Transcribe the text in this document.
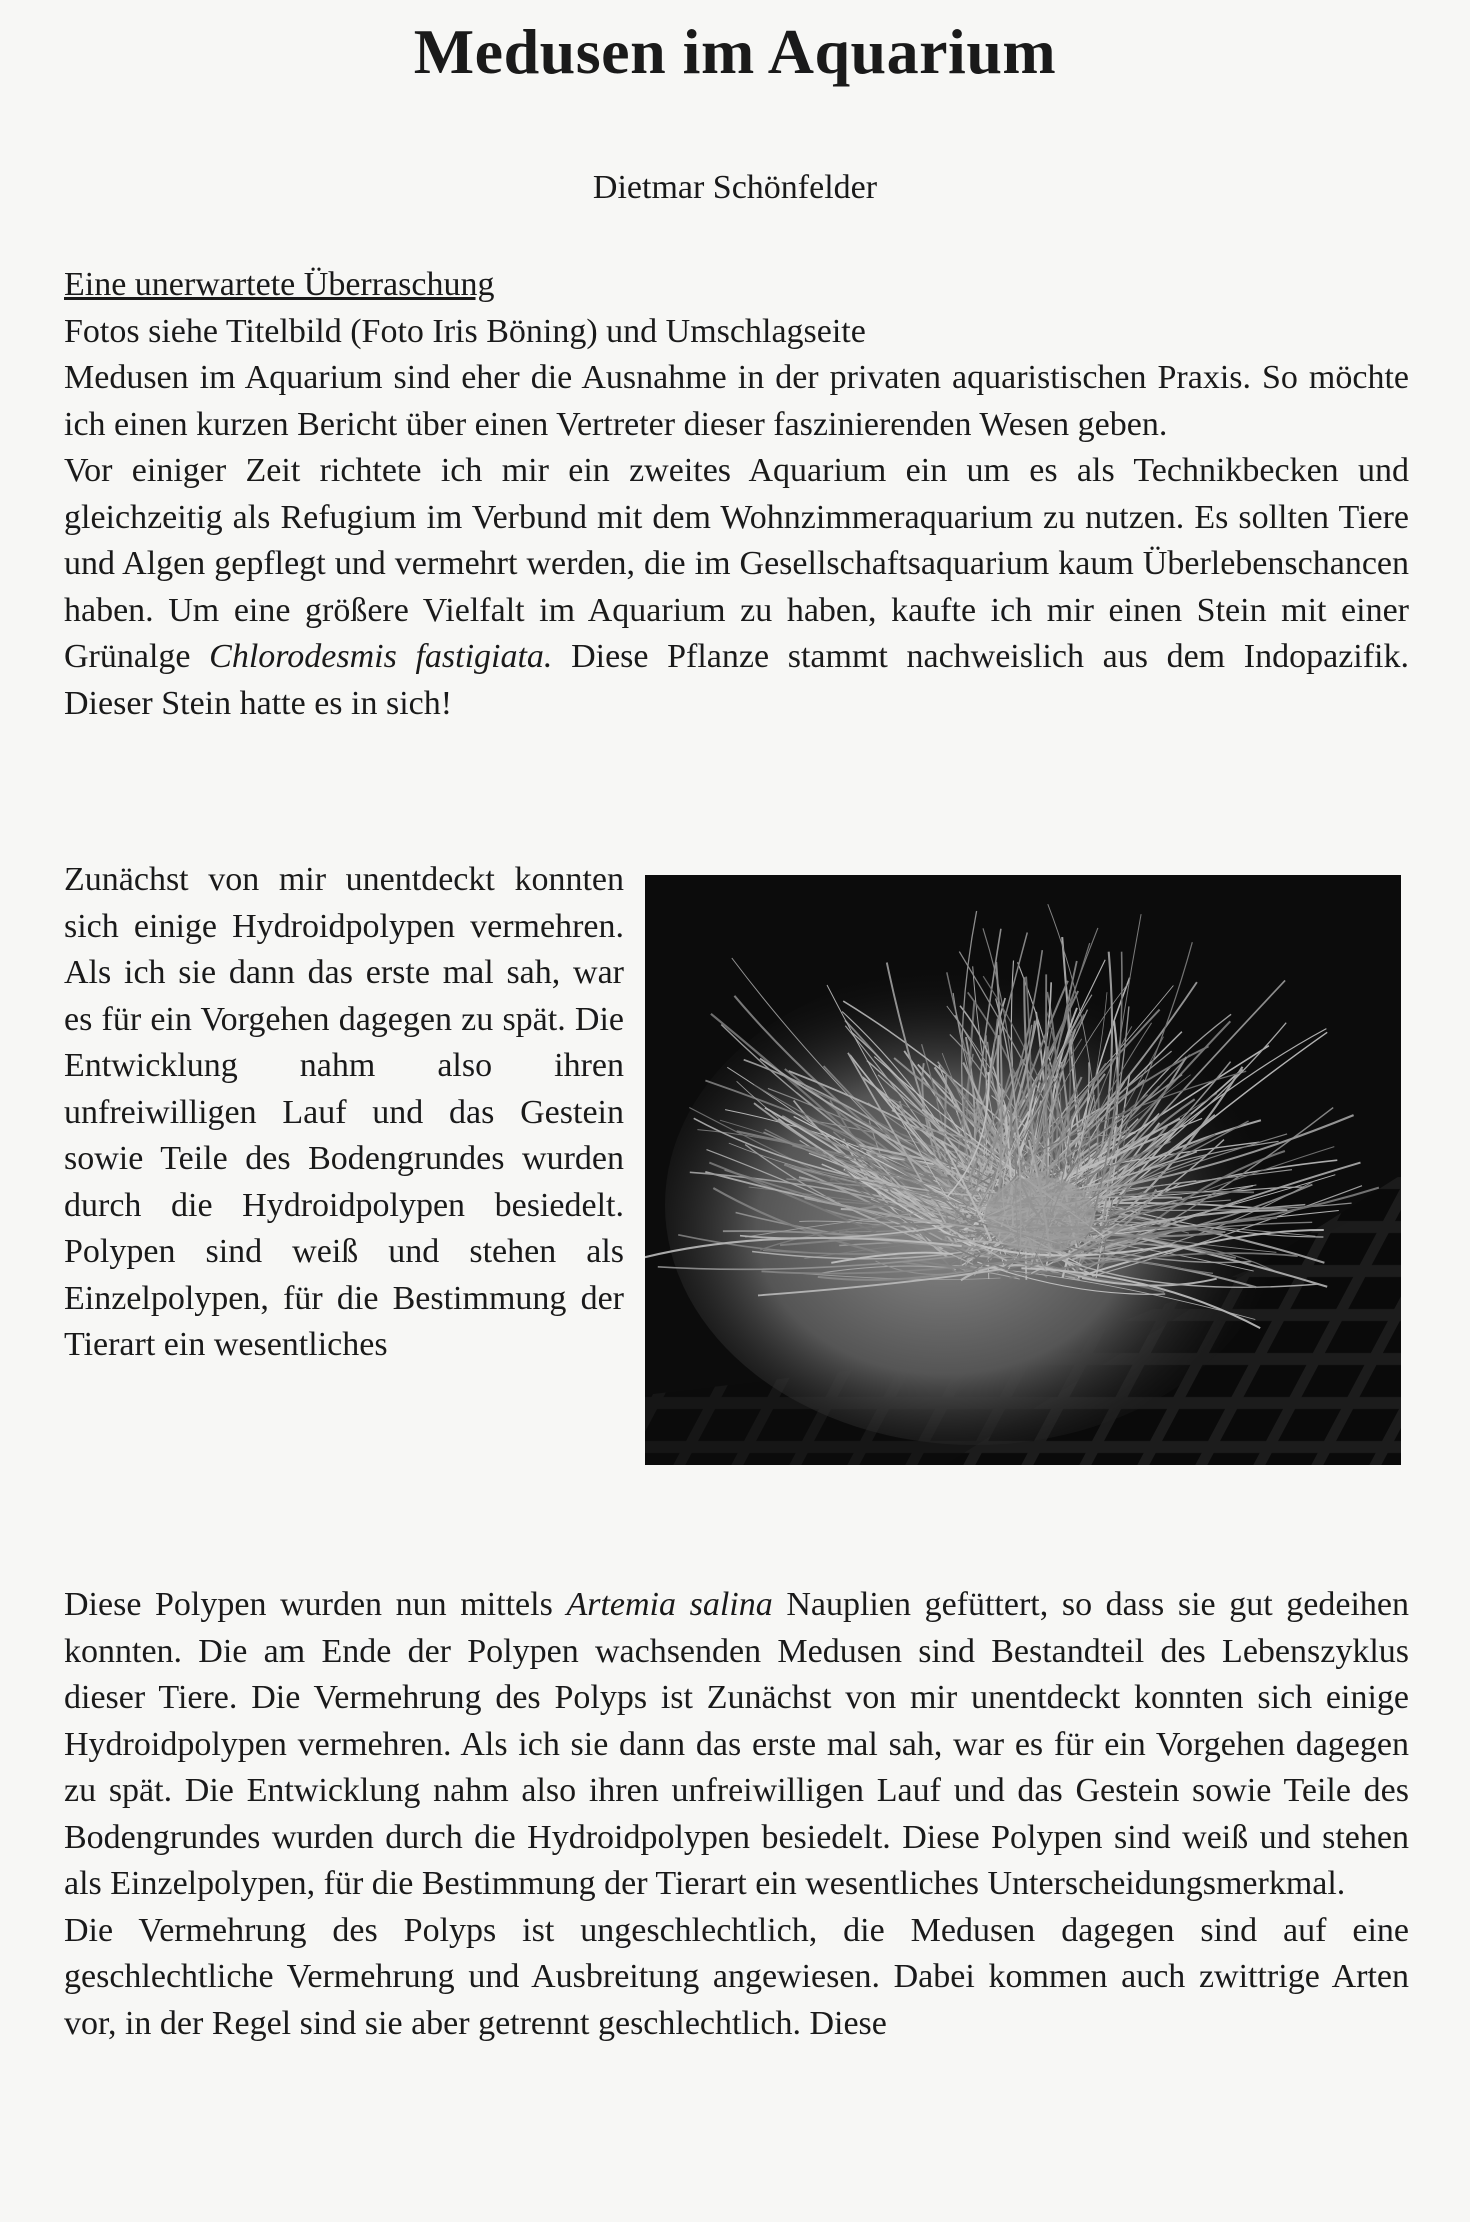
Medusen im Aquarium

Dietmar Schönfelder

Eine unerwartete Überraschung

Fotos siehe Titelbild (Foto Iris Böning) und Umschlagseite

Medusen im Aquarium sind eher die Ausnahme in der privaten aquaristischen Praxis. So möchte ich einen kurzen Bericht über einen Vertreter dieser faszinierenden Wesen geben.

Vor einiger Zeit richtete ich mir ein zweites Aquarium ein um es als Technikbecken und gleichzeitig als Refugium im Verbund mit dem Wohnzimmeraquarium zu nutzen. Es sollten Tiere und Algen gepflegt und vermehrt werden, die im Gesellschaftsaquarium kaum Überlebenschancen haben. Um eine größere Vielfalt im Aquarium zu haben, kaufte ich mir einen Stein mit einer Grünalge Chlorodesmis fastigiata. Diese Pflanze stammt nachweislich aus dem Indopazifik. Dieser Stein hatte es in sich!

Zunächst von mir unentdeckt konnten sich einige Hydroidpolypen vermehren. Als ich sie dann das erste mal sah, war es für ein Vorgehen dagegen zu spät. Die Entwicklung nahm also ihren unfreiwilligen Lauf und das Gestein sowie Teile des Bodengrundes wurden durch die Hydroidpolypen besiedelt. Polypen sind weiß und stehen als Einzelpolypen, für die Bestimmung der Tierart ein wesentliches

Diese Polypen wurden nun mittels Artemia salina Nauplien gefüttert, so dass sie gut gedeihen konnten. Die am Ende der Polypen wachsenden Medusen sind Bestandteil des Lebenszyklus dieser Tiere. Die Vermehrung des Polyps ist Zunächst von mir unentdeckt konnten sich einige Hydroidpolypen vermehren. Als ich sie dann das erste mal sah, war es für ein Vorgehen dagegen zu spät. Die Entwicklung nahm also ihren unfreiwilligen Lauf und das Gestein sowie Teile des Bodengrundes wurden durch die Hydroidpolypen besiedelt. Diese Polypen sind weiß und stehen als Einzelpolypen, für die Bestimmung der Tierart ein wesentliches Unterscheidungsmerkmal.

Die Vermehrung des Polyps ist ungeschlechtlich, die Medusen dagegen sind auf eine geschlechtliche Vermehrung und Ausbreitung angewiesen. Dabei kommen auch zwittrige Arten vor, in der Regel sind sie aber getrennt geschlechtlich. Diese
